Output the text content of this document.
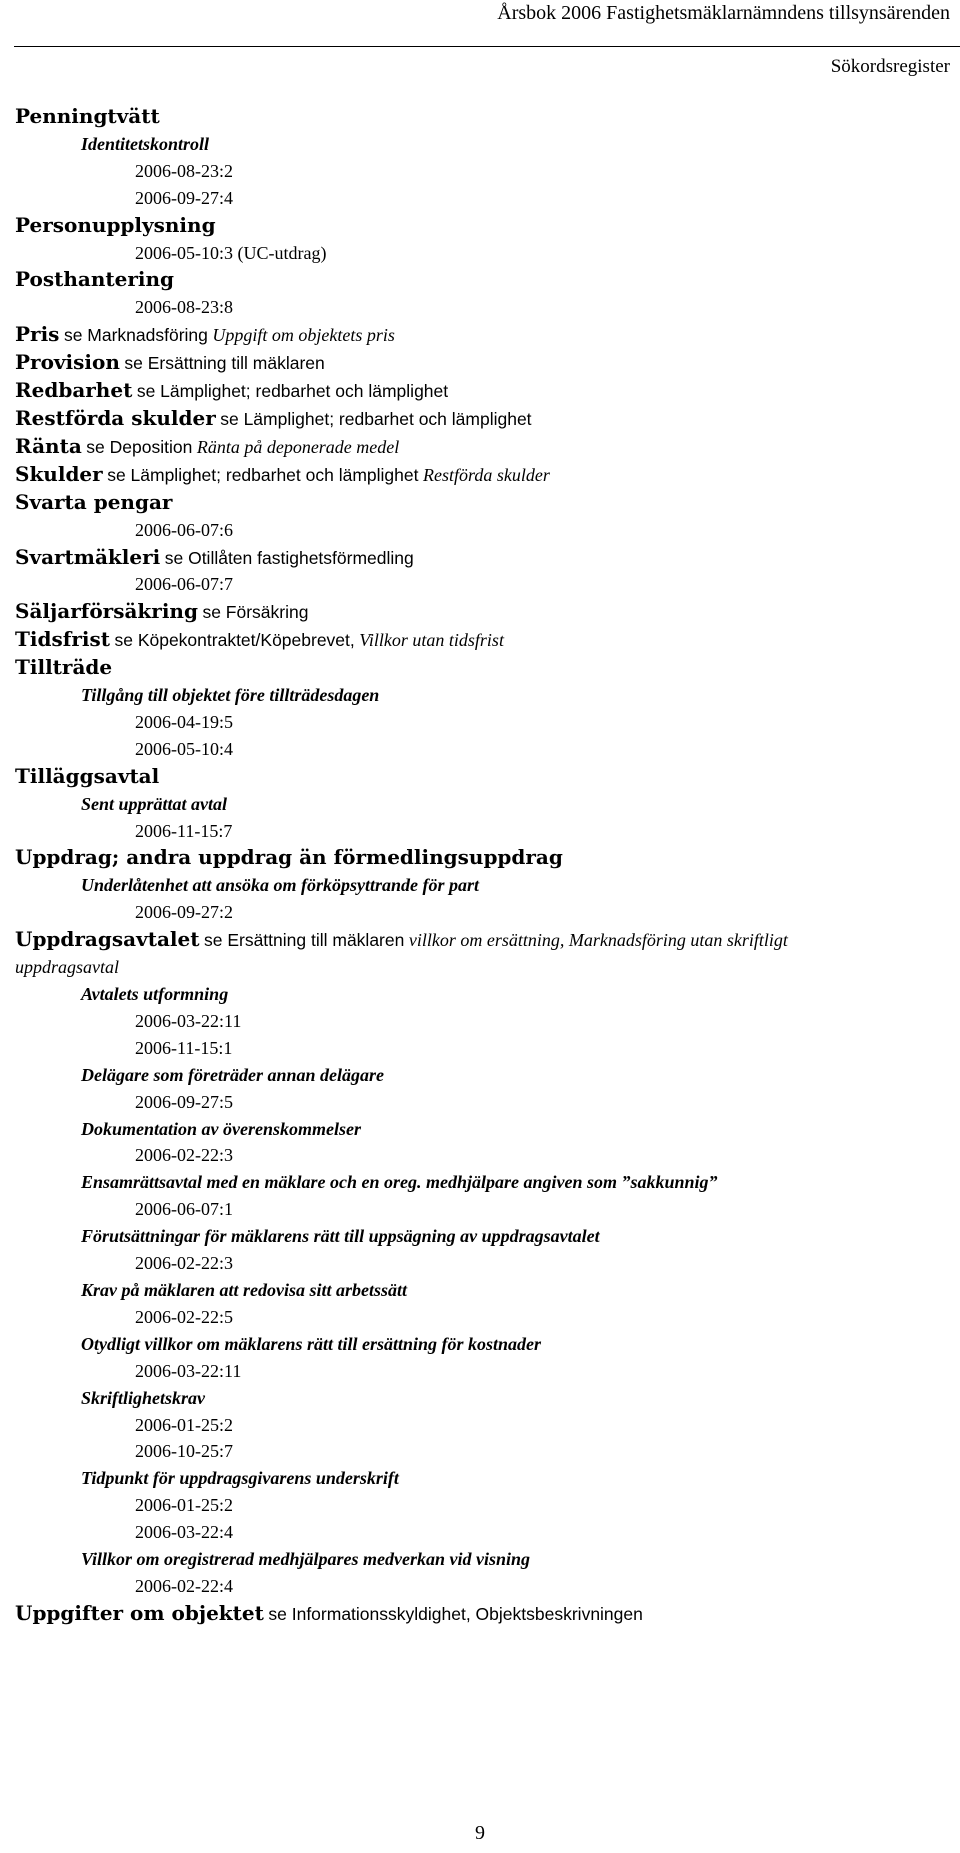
Årsbok 2006 Fastighetsmäklarnämndens tillsynsärenden
Sökordsregister
Penningtvätt
Identitetskontroll
2006-08-23:2
2006-09-27:4
Personupplysning
2006-05-10:3 (UC-utdrag)
Posthantering
2006-08-23:8
Pris se Marknadsföring Uppgift om objektets pris
Provision se Ersättning till mäklaren
Redbarhet se Lämplighet; redbarhet och lämplighet
Restförda skulder se Lämplighet; redbarhet och lämplighet
Ränta se Deposition Ränta på deponerade medel
Skulder se Lämplighet; redbarhet och lämplighet Restförda skulder
Svarta pengar
2006-06-07:6
Svartmäkleri se Otillåten fastighetsförmedling
2006-06-07:7
Säljarförsäkring se Försäkring
Tidsfrist se Köpekontraktet/Köpebrevet, Villkor utan tidsfrist
Tillträde
Tillgång till objektet före tillträdesdagen
2006-04-19:5
2006-05-10:4
Tilläggsavtal
Sent upprättat avtal
2006-11-15:7
Uppdrag; andra uppdrag än förmedlingsuppdrag
Underlåtenhet att ansöka om förköpsyttrande för part
2006-09-27:2
Uppdragsavtalet se Ersättning till mäklaren villkor om ersättning, Marknadsföring utan skriftligt
uppdragsavtal
Avtalets utformning
2006-03-22:11
2006-11-15:1
Delägare som företräder annan delägare
2006-09-27:5
Dokumentation av överenskommelser
2006-02-22:3
Ensamrättsavtal med en mäklare och en oreg. medhjälpare angiven som ”sakkunnig”
2006-06-07:1
Förutsättningar för mäklarens rätt till uppsägning av uppdragsavtalet
2006-02-22:3
Krav på mäklaren att redovisa sitt arbetssätt
2006-02-22:5
Otydligt villkor om mäklarens rätt till ersättning för kostnader
2006-03-22:11
Skriftlighetskrav
2006-01-25:2
2006-10-25:7
Tidpunkt för uppdragsgivarens underskrift
2006-01-25:2
2006-03-22:4
Villkor om oregistrerad medhjälpares medverkan vid visning
2006-02-22:4
Uppgifter om objektet se Informationsskyldighet, Objektsbeskrivningen
9
